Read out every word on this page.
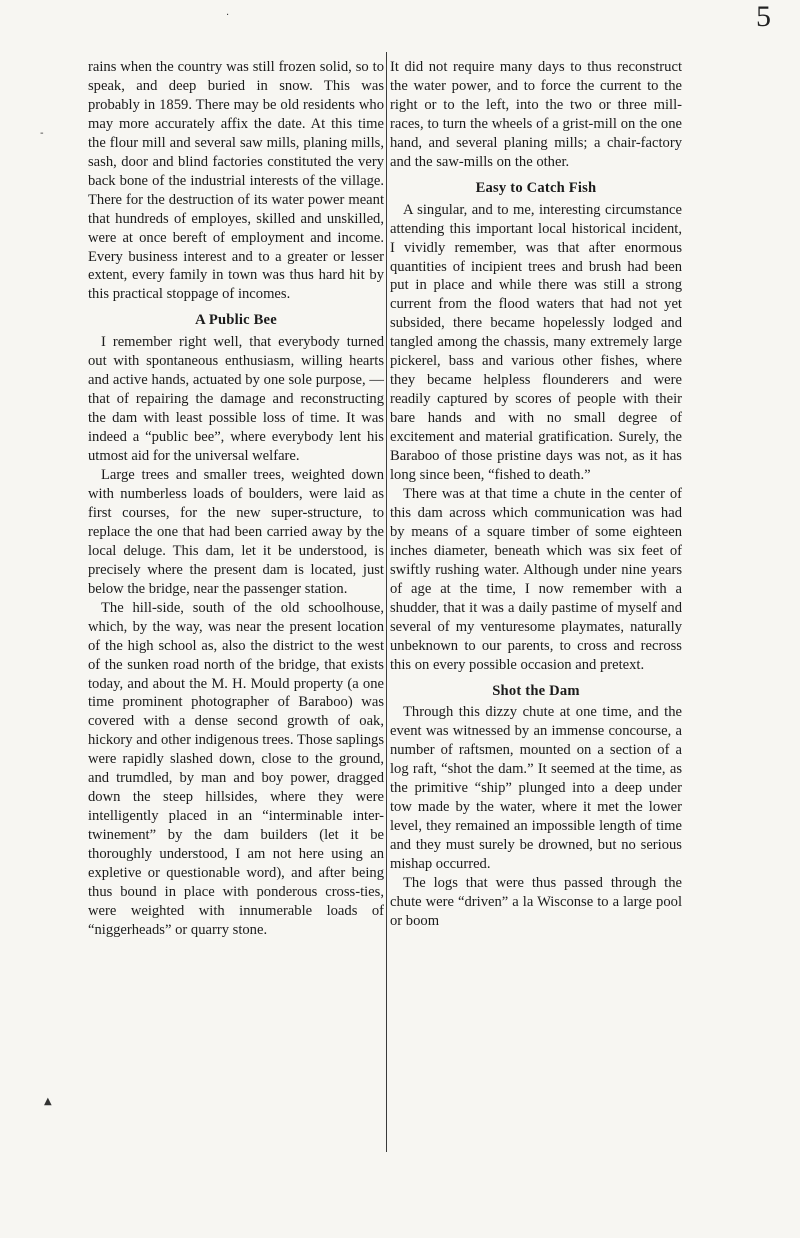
5
·
-
▲

rains when the country was still frozen solid, so to speak, and deep buried in snow. This was probably in 1859. There may be old residents who may more accurately affix the date. At this time the flour mill and several saw mills, planing mills, sash, door and blind factories constituted the very back bone of the industrial interests of the village. There for the destruction of its water power meant that hundreds of employes, skilled and unskilled, were at once bereft of employment and income. Every business interest and to a greater or lesser extent, every family in town was thus hard hit by this practical stoppage of incomes.

A Public Bee

I remember right well, that everybody turned out with spontaneous enthusiasm, willing hearts and active hands, actuated by one sole purpose, —that of repairing the damage and reconstructing the dam with least possible loss of time. It was indeed a “public bee”, where everybody lent his utmost aid for the universal welfare.

Large trees and smaller trees, weighted down with numberless loads of boulders, were laid as first courses, for the new super-structure, to replace the one that had been carried away by the local deluge. This dam, let it be understood, is precisely where the present dam is located, just below the bridge, near the passenger station.

The hill-side, south of the old schoolhouse, which, by the way, was near the present location of the high school as, also the district to the west of the sunken road north of the bridge, that exists today, and about the M. H. Mould property (a one time prominent photographer of Baraboo) was covered with a dense second growth of oak, hickory and other indigenous trees. Those saplings were rapidly slashed down, close to the ground, and trumdled, by man and boy power, dragged down the steep hillsides, where they were intelligently placed in an “interminable inter-twinement” by the dam builders (let it be thoroughly understood, I am not here using an expletive or questionable word), and after being thus bound in place with ponderous cross-ties, were weighted with innumerable loads of “niggerheads” or quarry stone.

It did not require many days to thus reconstruct the water power, and to force the current to the right or to the left, into the two or three mill-races, to turn the wheels of a grist-mill on the one hand, and several planing mills; a chair-factory and the saw-mills on the other.

Easy to Catch Fish

A singular, and to me, interesting circumstance attending this important local historical incident, I vividly remember, was that after enormous quantities of incipient trees and brush had been put in place and while there was still a strong current from the flood waters that had not yet subsided, there became hopelessly lodged and tangled among the chassis, many extremely large pickerel, bass and various other fishes, where they became helpless flounderers and were readily captured by scores of people with their bare hands and with no small degree of excitement and material gratification. Surely, the Baraboo of those pristine days was not, as it has long since been, “fished to death.”

There was at that time a chute in the center of this dam across which communication was had by means of a square timber of some eighteen inches diameter, beneath which was six feet of swiftly rushing water. Although under nine years of age at the time, I now remember with a shudder, that it was a daily pastime of myself and several of my venturesome playmates, naturally unbeknown to our parents, to cross and recross this on every possible occasion and pretext.

Shot the Dam

Through this dizzy chute at one time, and the event was witnessed by an immense concourse, a number of raftsmen, mounted on a section of a log raft, “shot the dam.” It seemed at the time, as the primitive “ship” plunged into a deep under tow made by the water, where it met the lower level, they remained an impossible length of time and they must surely be drowned, but no serious mishap occurred.

The logs that were thus passed through the chute were “driven” a la Wisconse to a large pool or boom
